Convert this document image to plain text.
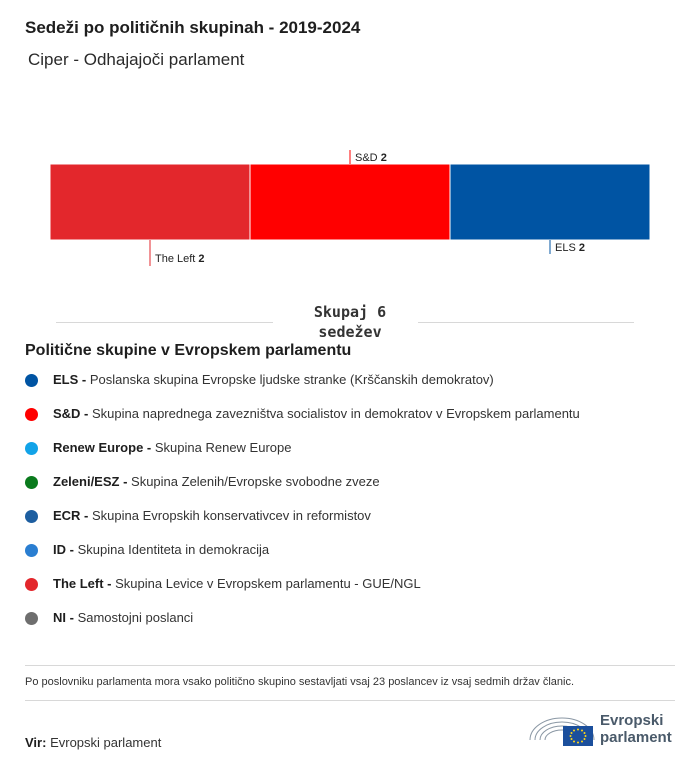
Sedeži po političnih skupinah - 2019-2024
Ciper - Odhajajoči parlament
The Left 2
S&D 2
ELS 2
Skupaj 6
sedežev
Politične skupine v Evropskem parlamentu
ELS - Poslanska skupina Evropske ljudske stranke (Krščanskih demokratov)
S&D - Skupina naprednega zavezništva socialistov in demokratov v Evropskem parlamentu
Renew Europe - Skupina Renew Europe
Zeleni/ESZ - Skupina Zelenih/Evropske svobodne zveze
ECR - Skupina Evropskih konservativcev in reformistov
ID - Skupina Identiteta in demokracija
The Left - Skupina Levice v Evropskem parlamentu - GUE/NGL
NI - Samostojni poslanci
Po poslovniku parlamenta mora vsako politično skupino sestavljati vsaj 23 poslancev iz vsaj sedmih držav članic.
Vir: Evropski parlament
Evropski
parlament
